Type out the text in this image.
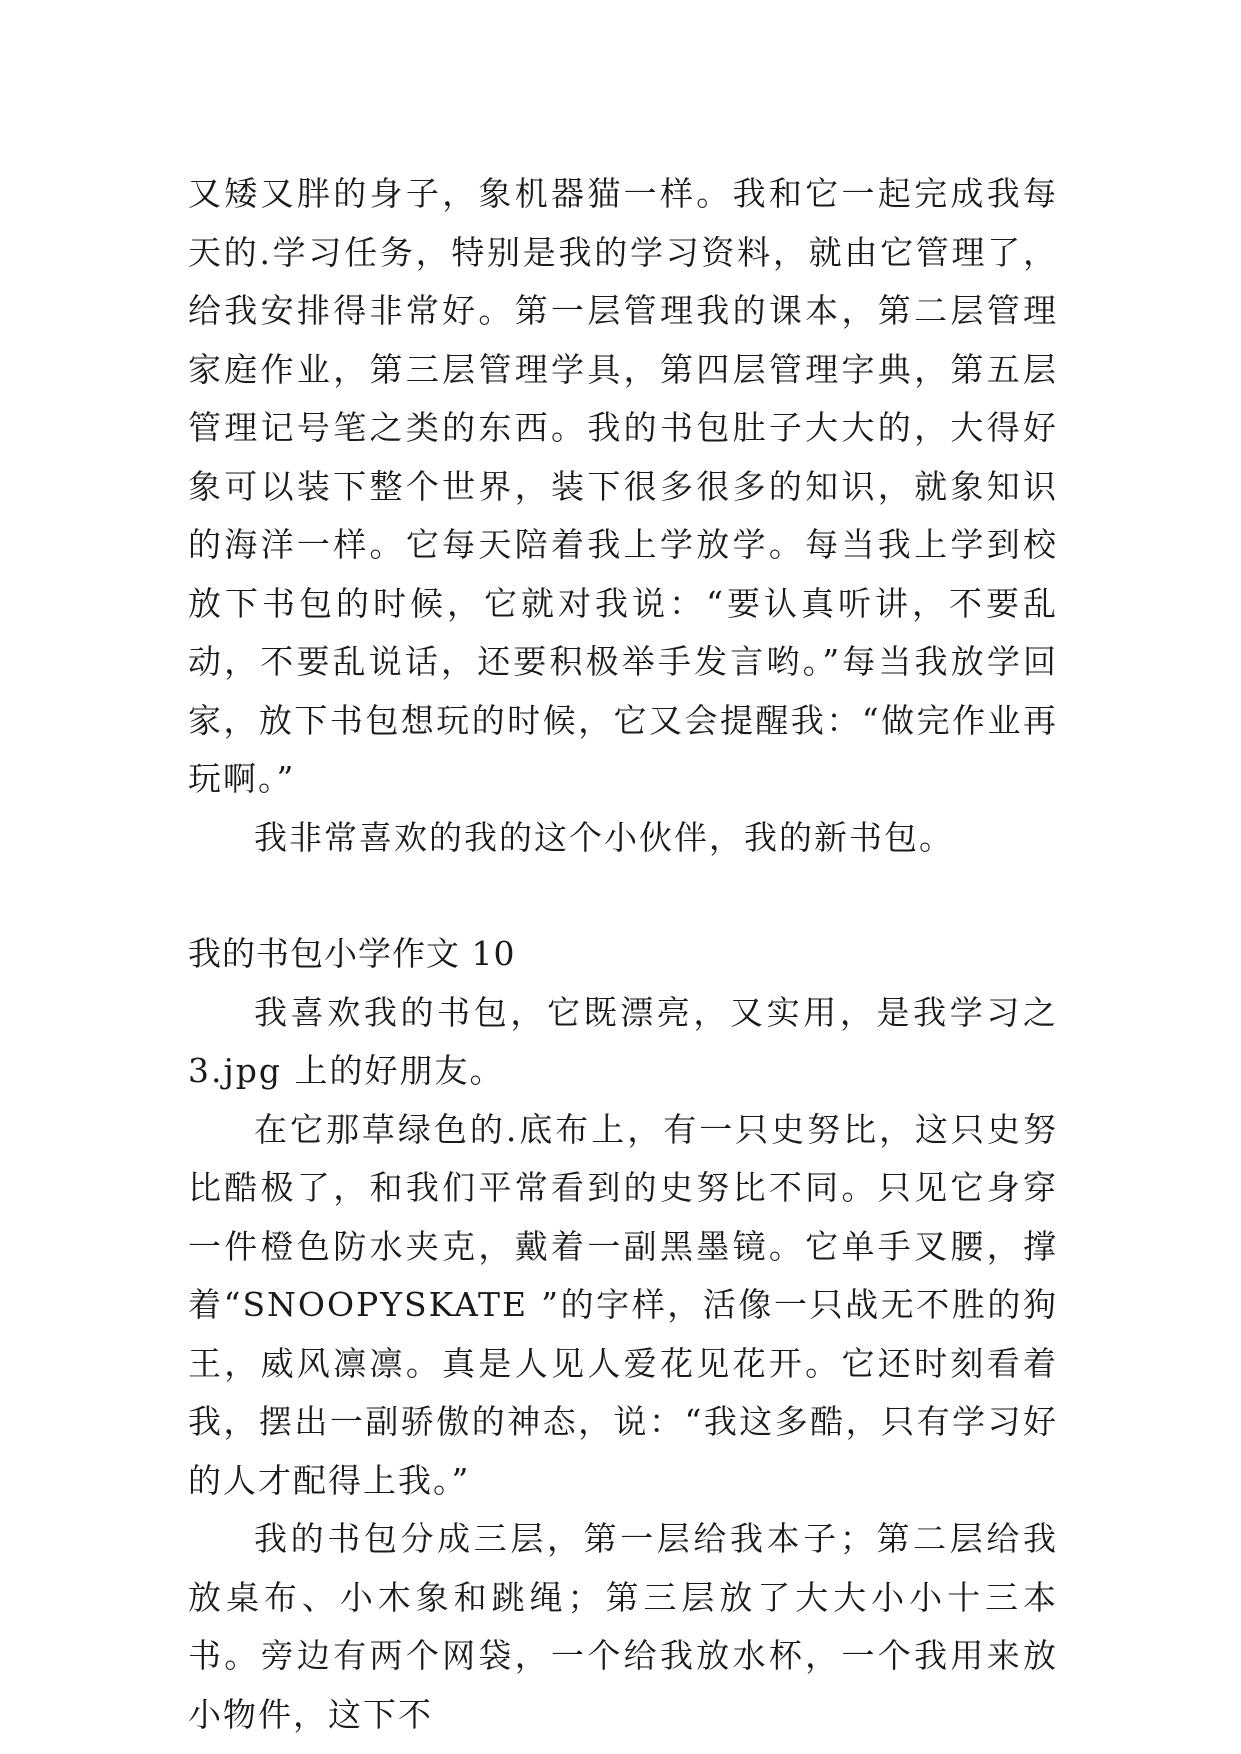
又矮又胖的身子，象机器猫一样。我和它一起完成我每天的.学习任务，特别是我的学习资料，就由它管理了，给我安排得非常好。第一层管理我的课本，第二层管理家庭作业，第三层管理学具，第四层管理字典，第五层管理记号笔之类的东西。我的书包肚子大大的，大得好象可以装下整个世界，装下很多很多的知识，就象知识的海洋一样。它每天陪着我上学放学。每当我上学到校放下书包的时候，它就对我说：“要认真听讲，不要乱动，不要乱说话，还要积极举手发言哟。”每当我放学回家，放下书包想玩的时候，它又会提醒我：“做完作业再玩啊。”

我非常喜欢的我的这个小伙伴，我的新书包。

我的书包小学作文 10

我喜欢我的书包，它既漂亮，又实用，是我学习之 3.jpg 上的好朋友。

在它那草绿色的.底布上，有一只史努比，这只史努比酷极了，和我们平常看到的史努比不同。只见它身穿一件橙色防水夹克，戴着一副黑墨镜。它单手叉腰，撑着“SNOOPYSKATE ”的字样，活像一只战无不胜的狗王，威风凛凛。真是人见人爱花见花开。它还时刻看着我，摆出一副骄傲的神态，说：“我这多酷，只有学习好的人才配得上我。”

我的书包分成三层，第一层给我本子；第二层给我放桌布、小木象和跳绳；第三层放了大大小小十三本书。旁边有两个网袋，一个给我放水杯，一个我用来放小物件，这下不
